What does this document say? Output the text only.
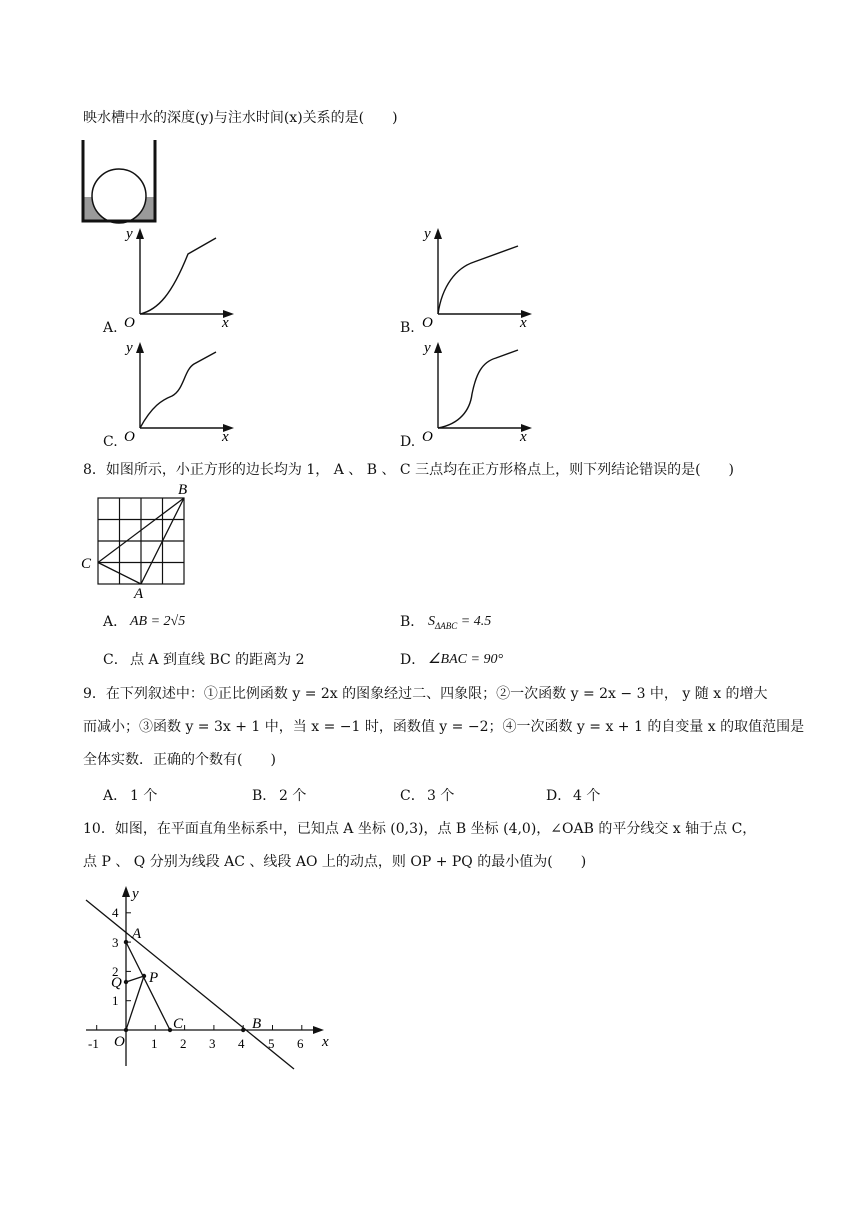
映水槽中水的深度(y)与注水时间(x)关系的是(　　)
A.
y
x
O	B.
y
x
O
C.
y
x
O	D.
y
x
O
8．如图所示，小正方形的边长均为 1， A 、 B 、 C 三点均在正方形格点上，则下列结论错误的是(　　)
B
C
A
A． AB = 2√5	B． $S_{\Delta ABC} = 4.5$
C． 点 A 到直线 BC 的距离为 2	D． ∠BAC = 90°
9．在下列叙述中：①正比例函数 y = 2x 的图象经过二、四象限；②一次函数 y = 2x − 3 中， y 随 x 的增大
而减小；③函数 y = 3x + 1 中，当 x = −1 时，函数值 y = −2；④一次函数 y = x + 1 的自变量 x 的取值范围是
全体实数．正确的个数有(　　)
A． 1 个	B． 2 个	C． 3 个	D． 4 个
10．如图，在平面直角坐标系中，已知点 A 坐标 (0,3)，点 B 坐标 (4,0)，∠OAB 的平分线交 x 轴于点 C，
点 P 、 Q 分别为线段 AC 、线段 AO 上的动点，则 OP + PQ 的最小值为(　　)
-1	1 2 3 4 5 6
1
2
3
4
y
x
O
A
B
C
P
Q
